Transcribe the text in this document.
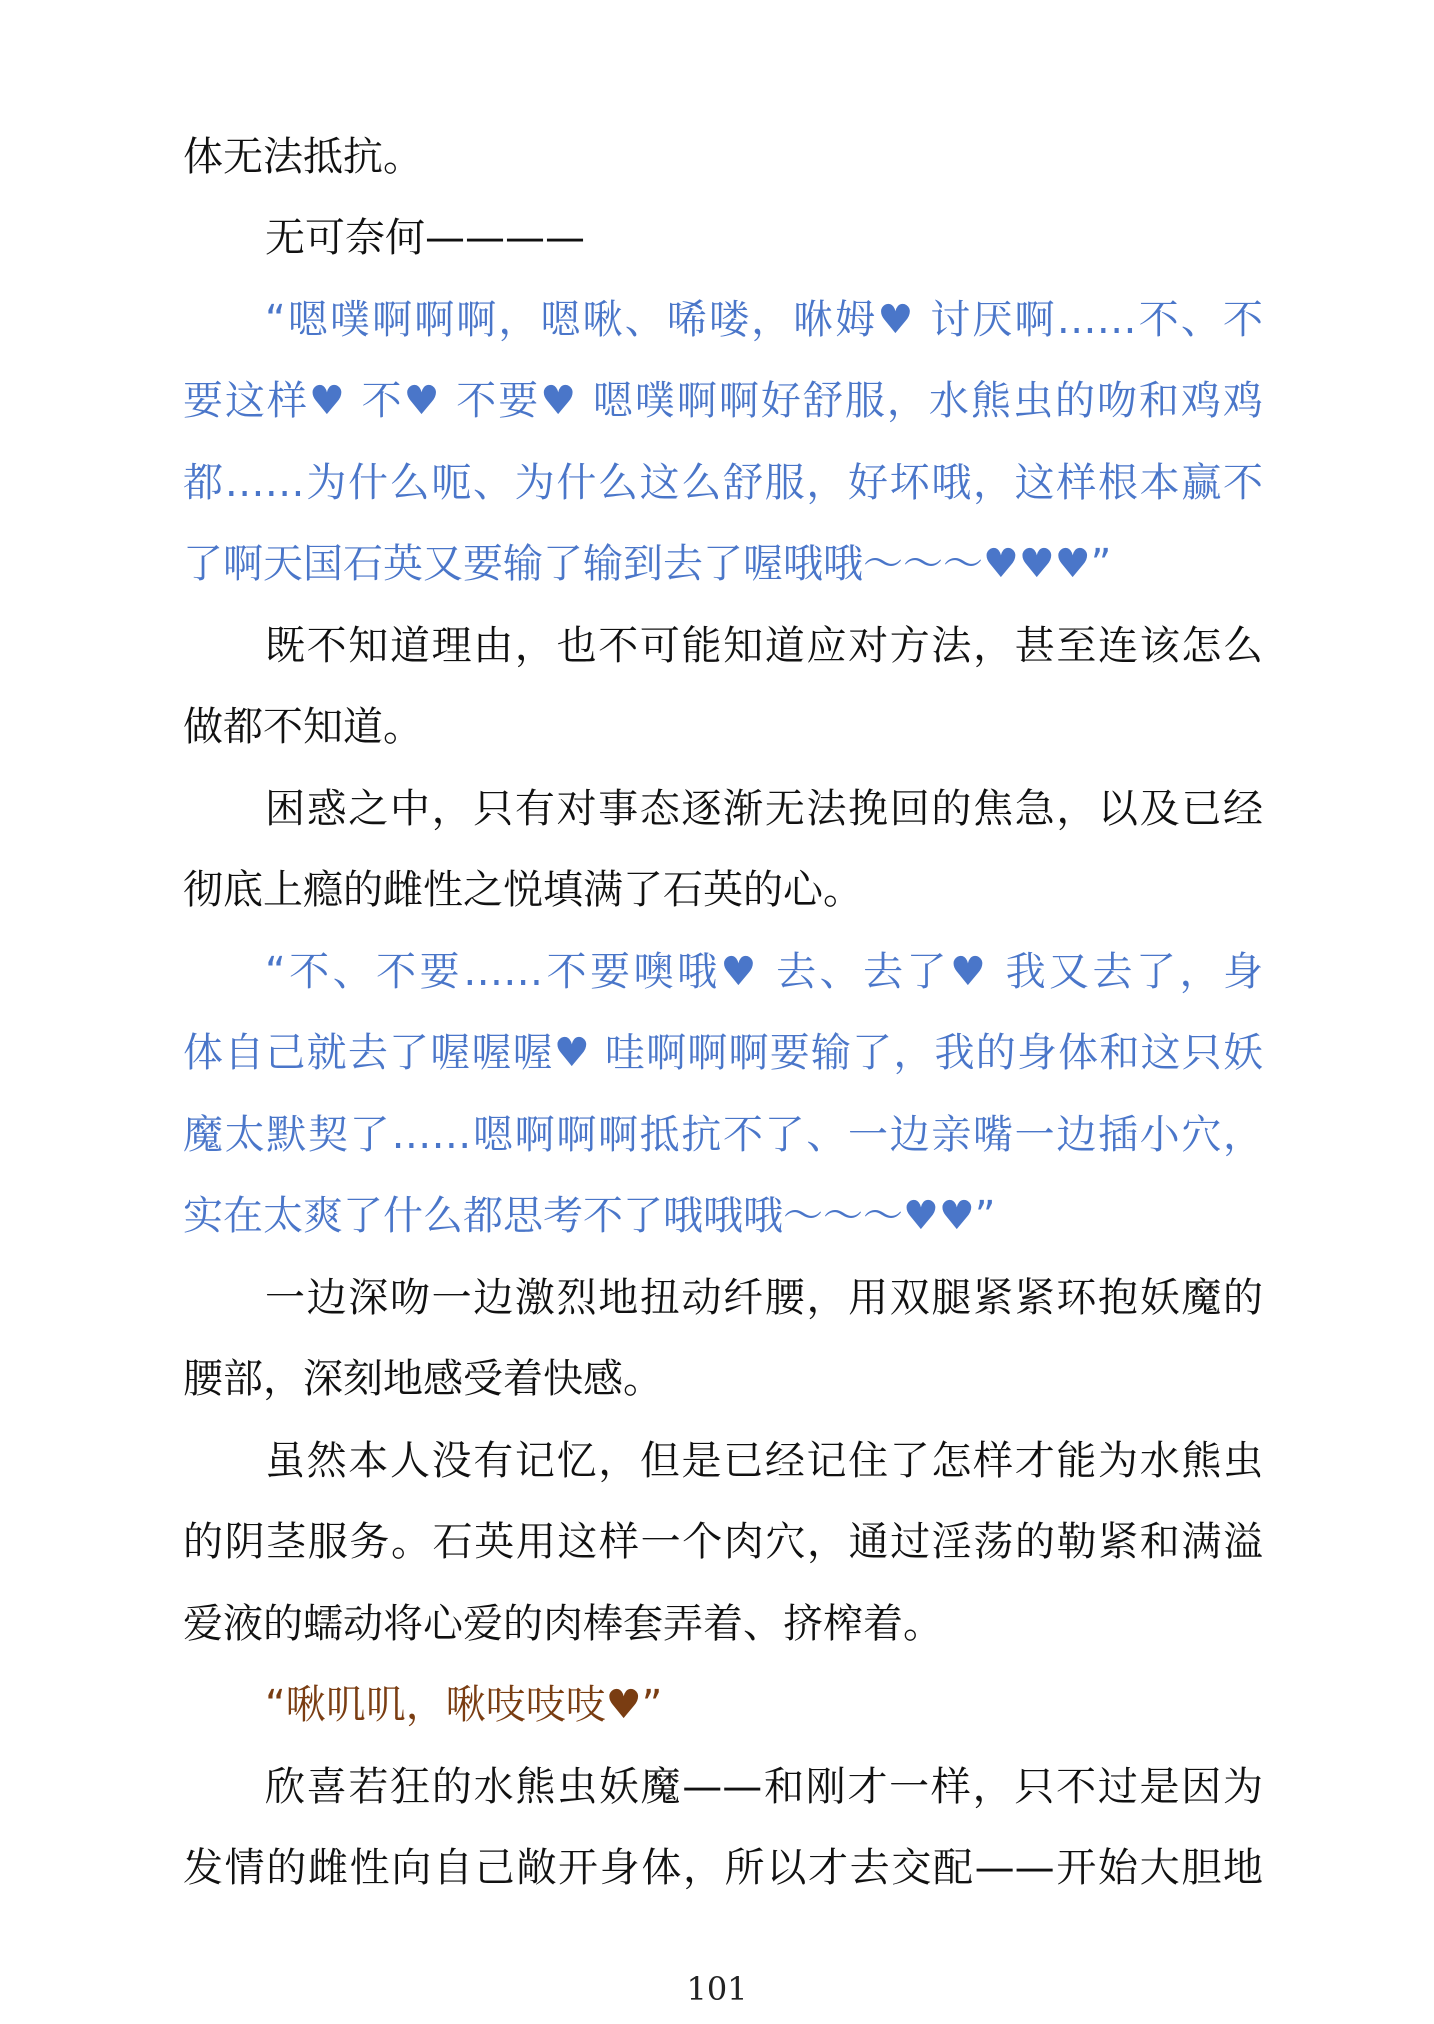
体无法抵抗。
无可奈何————
“嗯噗啊啊啊，嗯啾、唏喽，咻姆♥ 讨厌啊……不、不
要这样♥ 不♥ 不要♥ 嗯噗啊啊好舒服，水熊虫的吻和鸡鸡
都……为什么呃、为什么这么舒服，好坏哦，这样根本赢不
了啊天国石英又要输了输到去了喔哦哦～～～♥♥♥”
既不知道理由，也不可能知道应对方法，甚至连该怎么
做都不知道。
困惑之中，只有对事态逐渐无法挽回的焦急，以及已经
彻底上瘾的雌性之悦填满了石英的心。
“不、不要……不要噢哦♥ 去、去了♥ 我又去了，身
体自己就去了喔喔喔♥ 哇啊啊啊要输了，我的身体和这只妖
魔太默契了……嗯啊啊啊抵抗不了、一边亲嘴一边插小穴，
实在太爽了什么都思考不了哦哦哦～～～♥♥”
一边深吻一边激烈地扭动纤腰，用双腿紧紧环抱妖魔的
腰部，深刻地感受着快感。
虽然本人没有记忆，但是已经记住了怎样才能为水熊虫
的阴茎服务。石英用这样一个肉穴，通过淫荡的勒紧和满溢
爱液的蠕动将心爱的肉棒套弄着、挤榨着。
“啾叽叽，啾吱吱吱♥”
欣喜若狂的水熊虫妖魔——和刚才一样，只不过是因为
发情的雌性向自己敞开身体，所以才去交配——开始大胆地
101
